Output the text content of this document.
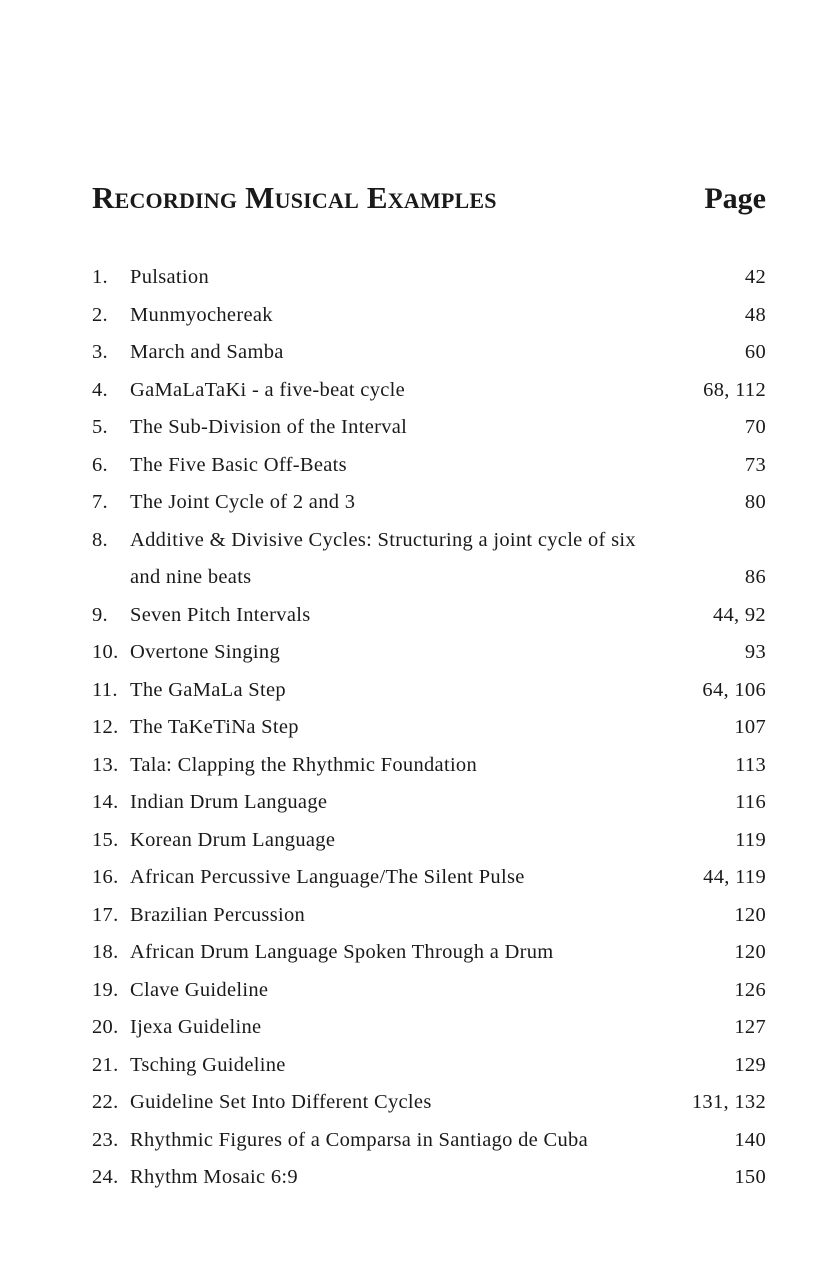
Recording Musical Examples	Page
1. Pulsation	42
2. Munmyochereak	48
3. March and Samba	60
4. GaMaLaTaKi - a five-beat cycle	68, 112
5. The Sub-Division of the Interval	70
6. The Five Basic Off-Beats	73
7. The Joint Cycle of 2 and 3	80
8. Additive & Divisive Cycles: Structuring a joint cycle of six and nine beats	86
9. Seven Pitch Intervals	44, 92
10. Overtone Singing	93
11. The GaMaLa Step	64, 106
12. The TaKeTiNa Step	107
13. Tala: Clapping the Rhythmic Foundation	113
14. Indian Drum Language	116
15. Korean Drum Language	119
16. African Percussive Language/The Silent Pulse	44, 119
17. Brazilian Percussion	120
18. African Drum Language Spoken Through a Drum	120
19. Clave Guideline	126
20. Ijexa Guideline	127
21. Tsching Guideline	129
22. Guideline Set Into Different Cycles	131, 132
23. Rhythmic Figures of a Comparsa in Santiago de Cuba	140
24. Rhythm Mosaic 6:9	150
